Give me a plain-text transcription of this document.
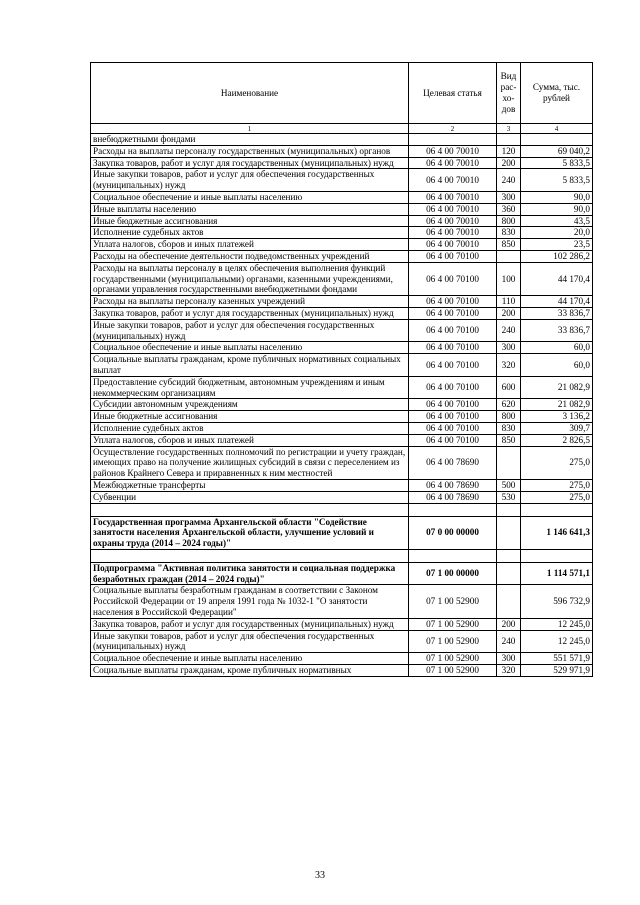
Наименование	Целевая статья	Вид рас-хо-дов	Сумма, тыс. рублей
1	2	3	4
внебюджетными фондами			
Расходы на выплаты персоналу государственных (муниципальных) органов	06 4 00 70010	120	69 040,2
Закупка товаров, работ и услуг для государственных (муниципальных) нужд	06 4 00 70010	200	5 833,5
Иные закупки товаров, работ и услуг для обеспечения государственных (муниципальных) нужд	06 4 00 70010	240	5 833,5
Социальное обеспечение и иные выплаты населению	06 4 00 70010	300	90,0
Иные выплаты населению	06 4 00 70010	360	90,0
Иные бюджетные ассигнования	06 4 00 70010	800	43,5
Исполнение судебных актов	06 4 00 70010	830	20,0
Уплата налогов, сборов и иных платежей	06 4 00 70010	850	23,5
Расходы на обеспечение деятельности подведомственных учреждений	06 4 00 70100		102 286,2
Расходы на выплаты персоналу в целях обеспечения выполнения функций государственными (муниципальными) органами, казенными учреждениями, органами управления государственными внебюджетными фондами	06 4 00 70100	100	44 170,4
Расходы на выплаты персоналу казенных учреждений	06 4 00 70100	110	44 170,4
Закупка товаров, работ и услуг для государственных (муниципальных) нужд	06 4 00 70100	200	33 836,7
Иные закупки товаров, работ и услуг для обеспечения государственных (муниципальных) нужд	06 4 00 70100	240	33 836,7
Социальное обеспечение и иные выплаты населению	06 4 00 70100	300	60,0
Социальные выплаты гражданам, кроме публичных нормативных социальных выплат	06 4 00 70100	320	60,0
Предоставление субсидий бюджетным, автономным учреждениям и иным некоммерческим организациям	06 4 00 70100	600	21 082,9
Субсидии автономным учреждениям	06 4 00 70100	620	21 082,9
Иные бюджетные ассигнования	06 4 00 70100	800	3 136,2
Исполнение судебных актов	06 4 00 70100	830	309,7
Уплата налогов, сборов и иных платежей	06 4 00 70100	850	2 826,5
Осуществление государственных полномочий по регистрации и учету граждан, имеющих право на получение жилищных субсидий в связи с переселением из районов Крайнего Севера и приравненных к ним местностей	06 4 00 78690		275,0
Межбюджетные трансферты	06 4 00 78690	500	275,0
Субвенции	06 4 00 78690	530	275,0

Государственная программа Архангельской области "Содействие занятости населения Архангельской области, улучшение условий и охраны труда (2014 – 2024 годы)"	07 0 00 00000		1 146 641,3

Подпрограмма "Активная политика занятости и социальная поддержка безработных граждан (2014 – 2024 годы)"	07 1 00 00000		1 114 571,1
Социальные выплаты безработным гражданам в соответствии с Законом Российской Федерации от 19 апреля 1991 года № 1032-1 "О занятости населения в Российской Федерации"	07 1 00 52900		596 732,9
Закупка товаров, работ и услуг для государственных (муниципальных) нужд	07 1 00 52900	200	12 245,0
Иные закупки товаров, работ и услуг для обеспечения государственных (муниципальных) нужд	07 1 00 52900	240	12 245,0
Социальное обеспечение и иные выплаты населению	07 1 00 52900	300	551 571,9
Социальные выплаты гражданам, кроме публичных нормативных	07 1 00 52900	320	529 971,9
33
